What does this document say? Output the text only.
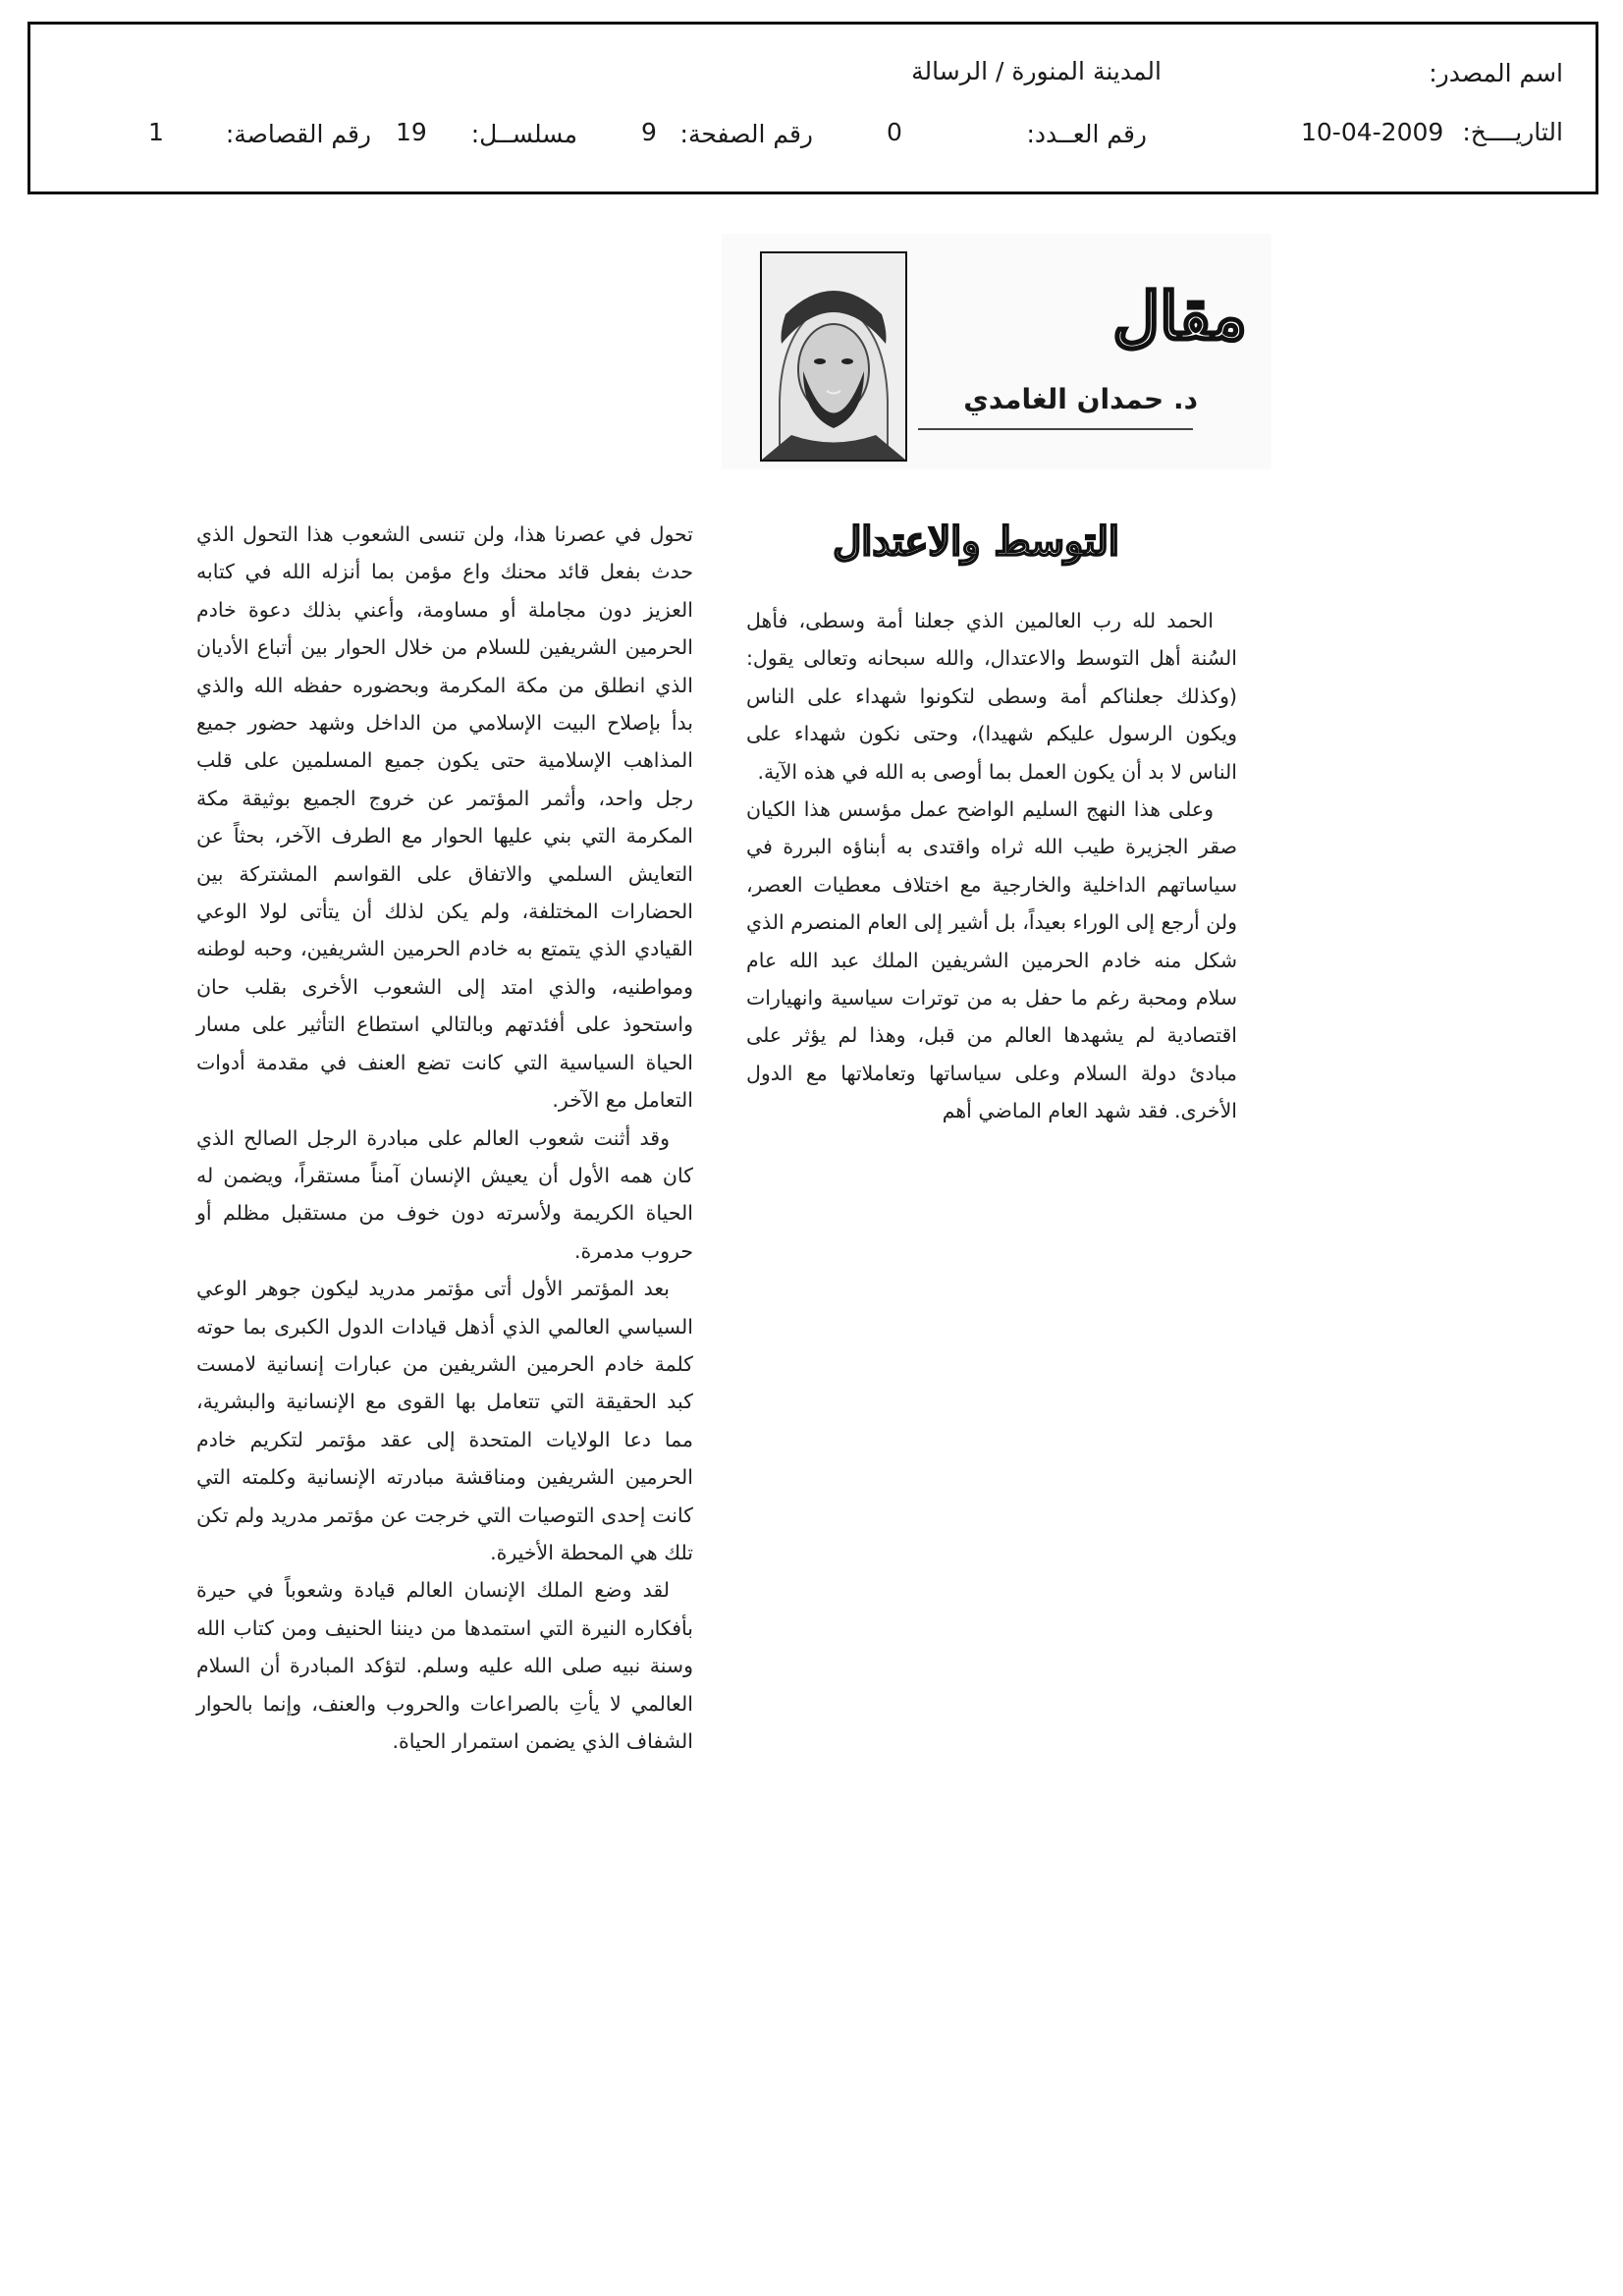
اسم المصدر:
المدينة المنورة / الرسالة
التاريــــخ:
10-04-2009
رقم العــدد:
0
رقم الصفحة:
9
مسلســل:
19
رقم القصاصة:
1
مقال
د. حمدان الغامدي
التوسط والاعتدال

الحمد لله رب العالمين الذي جعلنا أمة وسطى، فأهل السُنة أهل التوسط والاعتدال، والله سبحانه وتعالى يقول: (وكذلك جعلناكم أمة وسطى لتكونوا شهداء على الناس ويكون الرسول عليكم شهيدا)، وحتى نكون شهداء على الناس لا بد أن يكون العمل بما أوصى به الله في هذه الآية.

وعلى هذا النهج السليم الواضح عمل مؤسس هذا الكيان صقر الجزيرة طيب الله ثراه واقتدى به أبناؤه البررة في سياساتهم الداخلية والخارجية مع اختلاف معطيات العصر، ولن أرجع إلى الوراء بعيداً، بل أشير إلى العام المنصرم الذي شكل منه خادم الحرمين الشريفين الملك عبد الله عام سلام ومحبة رغم ما حفل به من توترات سياسية وانهيارات اقتصادية لم يشهدها العالم من قبل، وهذا لم يؤثر على مبادئ دولة السلام وعلى سياساتها وتعاملاتها مع الدول الأخرى. فقد شهد العام الماضي أهم

تحول في عصرنا هذا، ولن تنسى الشعوب هذا التحول الذي حدث بفعل قائد محنك واع مؤمن بما أنزله الله في كتابه العزيز دون مجاملة أو مساومة، وأعني بذلك دعوة خادم الحرمين الشريفين للسلام من خلال الحوار بين أتباع الأديان الذي انطلق من مكة المكرمة وبحضوره حفظه الله والذي بدأ بإصلاح البيت الإسلامي من الداخل وشهد حضور جميع المذاهب الإسلامية حتى يكون جميع المسلمين على قلب رجل واحد، وأثمر المؤتمر عن خروج الجميع بوثيقة مكة المكرمة التي بني عليها الحوار مع الطرف الآخر، بحثاً عن التعايش السلمي والاتفاق على القواسم المشتركة بين الحضارات المختلفة، ولم يكن لذلك أن يتأتى لولا الوعي القيادي الذي يتمتع به خادم الحرمين الشريفين، وحبه لوطنه ومواطنيه، والذي امتد إلى الشعوب الأخرى بقلب حان واستحوذ على أفئدتهم وبالتالي استطاع التأثير على مسار الحياة السياسية التي كانت تضع العنف في مقدمة أدوات التعامل مع الآخر.

وقد أثنت شعوب العالم على مبادرة الرجل الصالح الذي كان همه الأول أن يعيش الإنسان آمناً مستقراً، ويضمن له الحياة الكريمة ولأسرته دون خوف من مستقبل مظلم أو حروب مدمرة.

بعد المؤتمر الأول أتى مؤتمر مدريد ليكون جوهر الوعي السياسي العالمي الذي أذهل قيادات الدول الكبرى بما حوته كلمة خادم الحرمين الشريفين من عبارات إنسانية لامست كبد الحقيقة التي تتعامل بها القوى مع الإنسانية والبشرية، مما دعا الولايات المتحدة إلى عقد مؤتمر لتكريم خادم الحرمين الشريفين ومناقشة مبادرته الإنسانية وكلمته التي كانت إحدى التوصيات التي خرجت عن مؤتمر مدريد ولم تكن تلك هي المحطة الأخيرة.

لقد وضع الملك الإنسان العالم قيادة وشعوباً في حيرة بأفكاره النيرة التي استمدها من ديننا الحنيف ومن كتاب الله وسنة نبيه صلى الله عليه وسلم. لتؤكد المبادرة أن السلام العالمي لا يأتِ بالصراعات والحروب والعنف، وإنما بالحوار الشفاف الذي يضمن استمرار الحياة.
